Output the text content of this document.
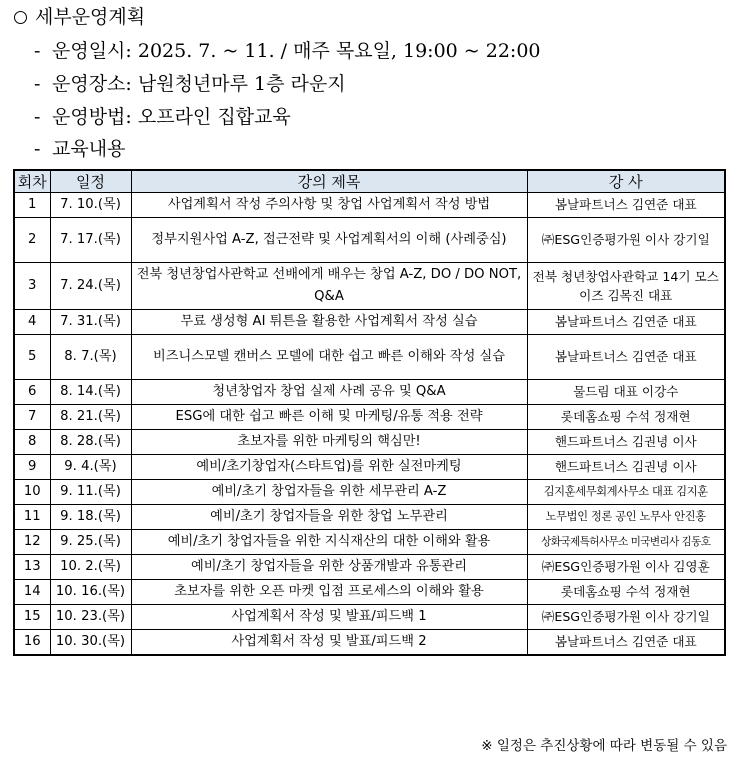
세부운영계획
- 운영일시: 2025. 7. ~ 11. / 매주 목요일, 19:00 ~ 22:00
- 운영장소: 남원청년마루 1층 라운지
- 운영방법: 오프라인 집합교육
- 교육내용
회차	일정	강의 제목	강 사
1	7. 10.(목)	사업계획서 작성 주의사항 및 창업 사업계획서 작성 방법	봄날파트너스 김연준 대표
2	7. 17.(목)	정부지원사업 A-Z, 접근전략 및 사업계획서의 이해 (사례중심)	㈜ESG인증평가원 이사 강기일
3	7. 24.(목)	전북 청년창업사관학교 선배에게 배우는 창업 A-Z, DO / DO NOT, Q&A	전북 청년창업사관학교 14기 모스이즈 김목진 대표
4	7. 31.(목)	무료 생성형 AI 튀튼을 활용한 사업계획서 작성 실습	봄날파트너스 김연준 대표
5	8. 7.(목)	비즈니스모델 캔버스 모델에 대한 쉽고 빠른 이해와 작성 실습	봄날파트너스 김연준 대표
6	8. 14.(목)	청년창업자 창업 실제 사례 공유 및 Q&A	물드림 대표 이강수
7	8. 21.(목)	ESG에 대한 쉽고 빠른 이해 및 마케팅/유통 적용 전략	롯데홈쇼핑 수석 정재현
8	8. 28.(목)	초보자를 위한 마케팅의 핵심만!	핸드파트너스 김권녕 이사
9	9. 4.(목)	예비/초기창업자(스타트업)를 위한 실전마케팅	핸드파트너스 김권녕 이사
10	9. 11.(목)	예비/초기 창업자들을 위한 세무관리 A-Z	김지훈세무회계사무소 대표 김지훈
11	9. 18.(목)	예비/초기 창업자들을 위한 창업 노무관리	노무법인 정론 공인 노무사 안진홍
12	9. 25.(목)	예비/초기 창업자들을 위한 지식재산의 대한 이해와 활용	상화국제특허사무소 미국변리사 김동호
13	10. 2.(목)	예비/초기 창업자들을 위한 상품개발과 유통관리	㈜ESG인증평가원 이사 김영훈
14	10. 16.(목)	초보자를 위한 오픈 마켓 입점 프로세스의 이해와 활용	롯데홈쇼핑 수석 정재현
15	10. 23.(목)	사업계획서 작성 및 발표/피드백 1	㈜ESG인증평가원 이사 강기일
16	10. 30.(목)	사업계획서 작성 및 발표/피드백 2	봄날파트너스 김연준 대표
※ 일정은 추진상황에 따라 변동될 수 있음
